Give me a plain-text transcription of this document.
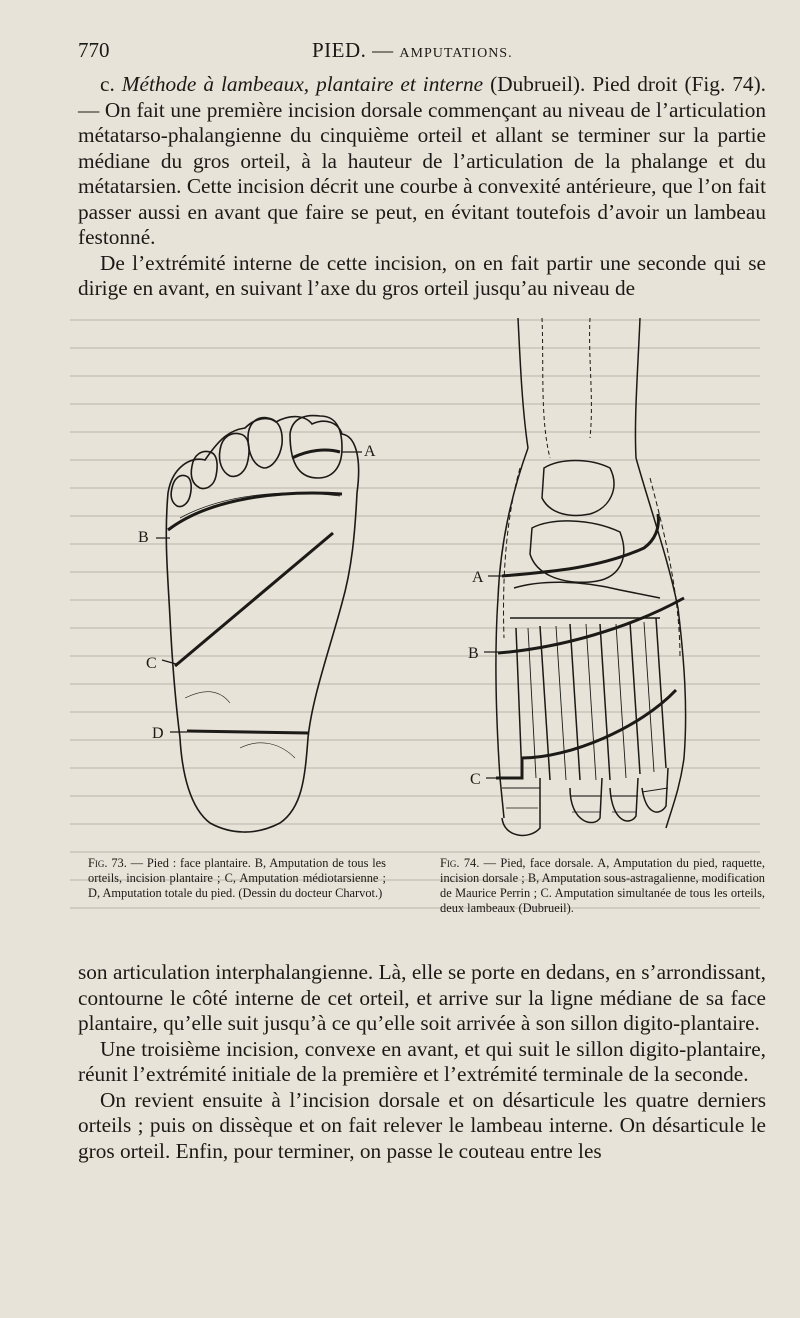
770	PIED. — AMPUTATIONS.

c. Méthode à lambeaux, plantaire et interne (Dubrueil). Pied droit (Fig. 74). — On fait une première incision dorsale commençant au niveau de l’articulation métatarso-phalangienne du cinquième orteil et allant se terminer sur la partie médiane du gros orteil, à la hauteur de l’articulation de la phalange et du métatarsien. Cette incision décrit une courbe à convexité antérieure, que l’on fait passer aussi en avant que faire se peut, en évitant toutefois d’avoir un lambeau festonné.

De l’extrémité interne de cette incision, on en fait partir une seconde qui se dirige en avant, en suivant l’axe du gros orteil jusqu’au niveau de

A
B
C
D
A
B
C
Fig. 73. — Pied : face plantaire. B, Amputation de tous les orteils, incision plantaire ; C, Amputation médiotarsienne ; D, Amputation totale du pied. (Dessin du docteur Charvot.)
Fig. 74. — Pied, face dorsale. A, Amputation du pied, raquette, incision dorsale ; B, Amputation sous-astragalienne, modification de Maurice Perrin ; C. Amputation simultanée de tous les orteils, deux lambeaux (Dubrueil).

son articulation interphalangienne. Là, elle se porte en dedans, en s’arrondissant, contourne le côté interne de cet orteil, et arrive sur la ligne médiane de sa face plantaire, qu’elle suit jusqu’à ce qu’elle soit arrivée à son sillon digito-plantaire.

Une troisième incision, convexe en avant, et qui suit le sillon digito-plantaire, réunit l’extrémité initiale de la première et l’extrémité terminale de la seconde.

On revient ensuite à l’incision dorsale et on désarticule les quatre derniers orteils ; puis on dissèque et on fait relever le lambeau interne. On désarticule le gros orteil. Enfin, pour terminer, on passe le couteau entre les
